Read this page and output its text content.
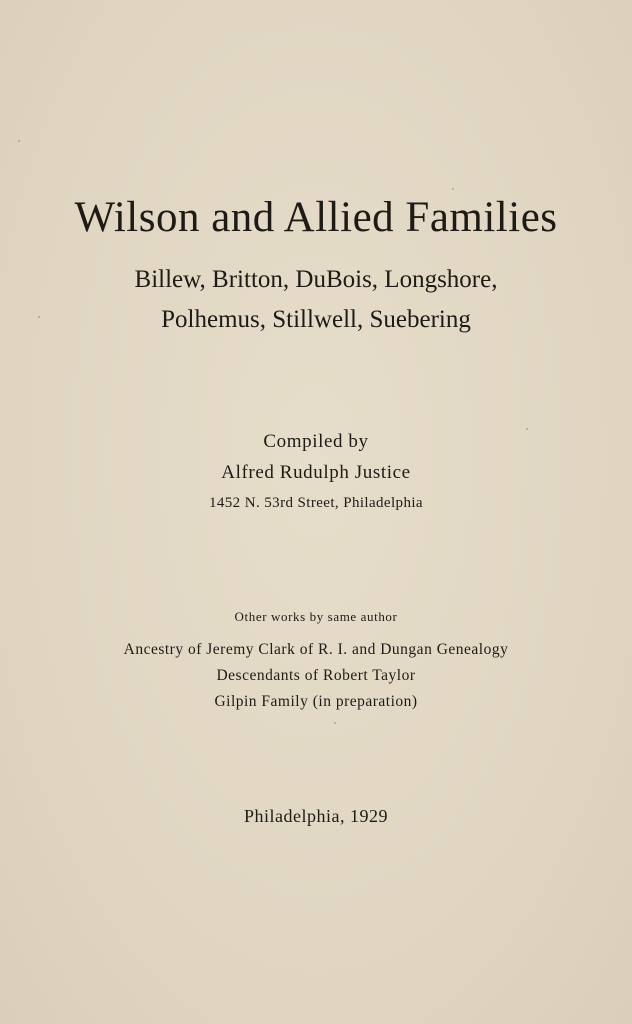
Wilson and Allied Families
Billew, Britton, DuBois, Longshore,
Polhemus, Stillwell, Suebering
Compiled by
Alfred Rudulph Justice
1452 N. 53rd Street, Philadelphia
Other works by same author
Ancestry of Jeremy Clark of R. I. and Dungan Genealogy
Descendants of Robert Taylor
Gilpin Family (in preparation)
Philadelphia, 1929
